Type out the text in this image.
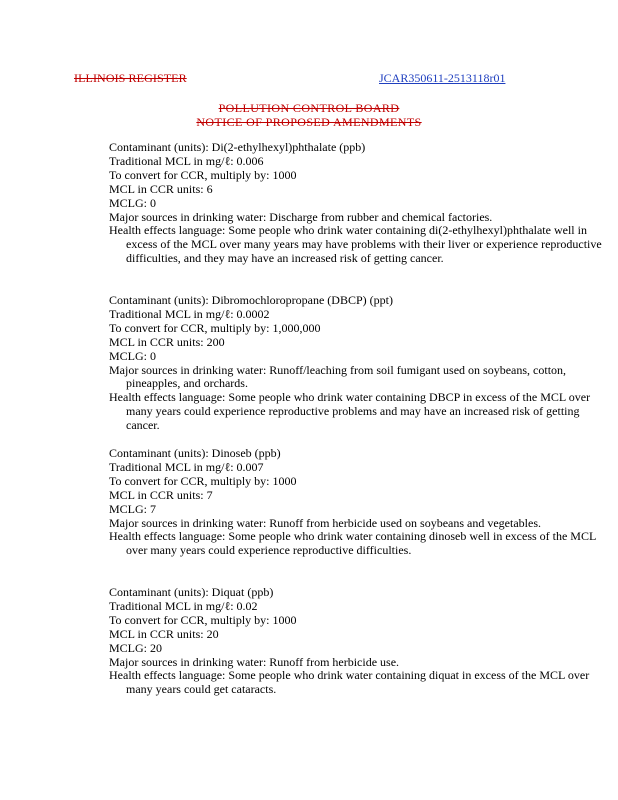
ILLINOIS REGISTER	JCAR350611-2513118r01
POLLUTION CONTROL BOARD
NOTICE OF PROPOSED AMENDMENTS
Contaminant (units): Di(2-ethylhexyl)phthalate (ppb)
Traditional MCL in mg/ℓ: 0.006
To convert for CCR, multiply by: 1000
MCL in CCR units: 6
MCLG: 0
Major sources in drinking water: Discharge from rubber and chemical factories.
Health effects language: Some people who drink water containing di(2-ethylhexyl)phthalate well in excess of the MCL over many years may have problems with their liver or experience reproductive difficulties, and they may have an increased risk of getting cancer.
Contaminant (units): Dibromochloropropane (DBCP) (ppt)
Traditional MCL in mg/ℓ: 0.0002
To convert for CCR, multiply by: 1,000,000
MCL in CCR units: 200
MCLG: 0
Major sources in drinking water: Runoff/leaching from soil fumigant used on soybeans, cotton, pineapples, and orchards.
Health effects language: Some people who drink water containing DBCP in excess of the MCL over many years could experience reproductive problems and may have an increased risk of getting cancer.
Contaminant (units): Dinoseb (ppb)
Traditional MCL in mg/ℓ: 0.007
To convert for CCR, multiply by: 1000
MCL in CCR units: 7
MCLG: 7
Major sources in drinking water: Runoff from herbicide used on soybeans and vegetables.
Health effects language: Some people who drink water containing dinoseb well in excess of the MCL over many years could experience reproductive difficulties.
Contaminant (units): Diquat (ppb)
Traditional MCL in mg/ℓ: 0.02
To convert for CCR, multiply by: 1000
MCL in CCR units: 20
MCLG: 20
Major sources in drinking water: Runoff from herbicide use.
Health effects language: Some people who drink water containing diquat in excess of the MCL over many years could get cataracts.
